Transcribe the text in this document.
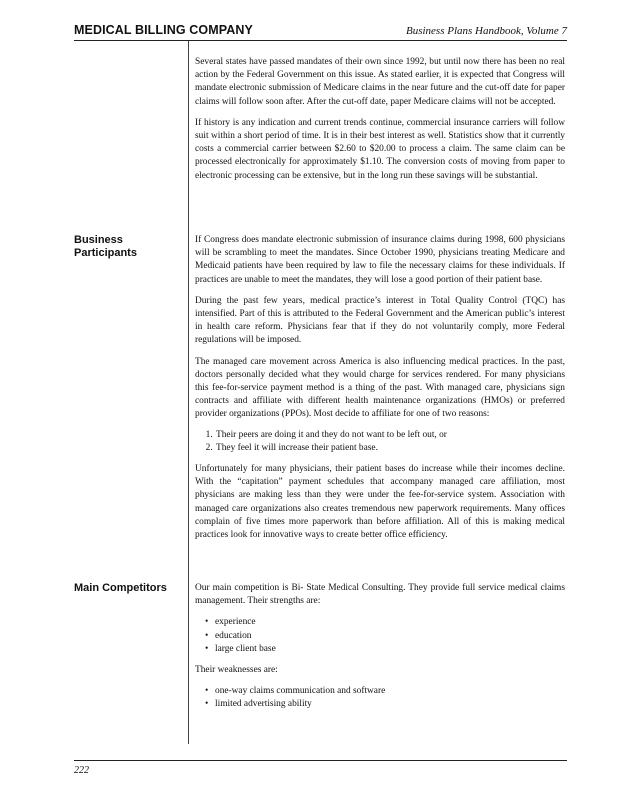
MEDICAL BILLING COMPANY	Business Plans Handbook, Volume 7

Several states have passed mandates of their own since 1992, but until now there has been no real action by the Federal Government on this issue. As stated earlier, it is expected that Congress will mandate electronic submission of Medicare claims in the near future and the cut-off date for paper claims will follow soon after. After the cut-off date, paper Medicare claims will not be accepted.

If history is any indication and current trends continue, commercial insurance carriers will follow suit within a short period of time. It is in their best interest as well. Statistics show that it currently costs a commercial carrier between $2.60 to $20.00 to process a claim. The same claim can be processed electronically for approximately $1.10. The conversion costs of moving from paper to electronic processing can be extensive, but in the long run these savings will be substantial.

Business
Participants

If Congress does mandate electronic submission of insurance claims during 1998, 600 physicians will be scrambling to meet the mandates. Since October 1990, physicians treating Medicare and Medicaid patients have been required by law to file the necessary claims for these individuals. If practices are unable to meet the mandates, they will lose a good portion of their patient base.

During the past few years, medical practice’s interest in Total Quality Control (TQC) has intensified. Part of this is attributed to the Federal Government and the American public’s interest in health care reform. Physicians fear that if they do not voluntarily comply, more Federal regulations will be imposed.

The managed care movement across America is also influencing medical practices. In the past, doctors personally decided what they would charge for services rendered. For many physicians this fee-for-service payment method is a thing of the past. With managed care, physicians sign contracts and affiliate with different health maintenance organizations (HMOs) or preferred provider organizations (PPOs). Most decide to affiliate for one of two reasons:

1. Their peers are doing it and they do not want to be left out, or
2. They feel it will increase their patient base.

Unfortunately for many physicians, their patient bases do increase while their incomes decline. With the “capitation” payment schedules that accompany managed care affiliation, most physicians are making less than they were under the fee-for-service system. Association with managed care organizations also creates tremendous new paperwork requirements. Many offices complain of five times more paperwork than before affiliation. All of this is making medical practices look for innovative ways to create better office efficiency.

Main Competitors	Our main competition is Bi- State Medical Consulting. They provide full service medical claims management. Their strengths are:

• experience
• education
• large client base

Their weaknesses are:

• one-way claims communication and software
• limited advertising ability
222
